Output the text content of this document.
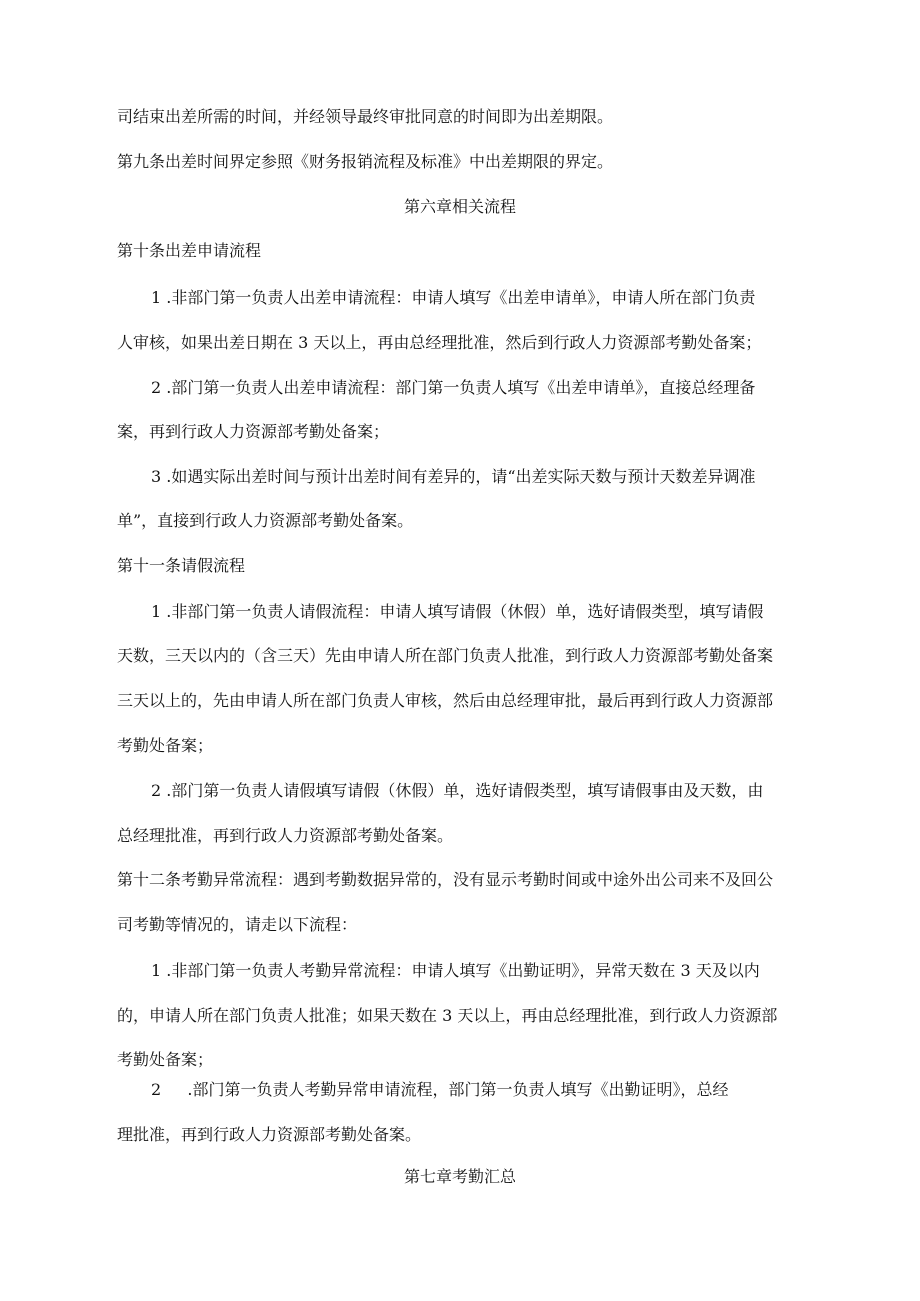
司结束出差所需的时间，并经领导最终审批同意的时间即为出差期限。
第九条出差时间界定参照《财务报销流程及标准》中出差期限的界定。
第六章相关流程
第十条出差申请流程
1 .非部门第一负责人出差申请流程：申请人填写《出差申请单》，申请人所在部门负责
人审核，如果出差日期在 3 天以上，再由总经理批准，然后到行政人力资源部考勤处备案；
2 .部门第一负责人出差申请流程：部门第一负责人填写《出差申请单》，直接总经理备
案，再到行政人力资源部考勤处备案；
3 .如遇实际出差时间与预计出差时间有差异的，请“出差实际天数与预计天数差异调准
单”，直接到行政人力资源部考勤处备案。
第十一条请假流程
1 .非部门第一负责人请假流程：申请人填写请假（休假）单，选好请假类型，填写请假
天数，三天以内的（含三天）先由申请人所在部门负责人批准，到行政人力资源部考勤处备案
三天以上的，先由申请人所在部门负责人审核，然后由总经理审批，最后再到行政人力资源部
考勤处备案；
2 .部门第一负责人请假填写请假（休假）单，选好请假类型，填写请假事由及天数，由
总经理批准，再到行政人力资源部考勤处备案。
第十二条考勤异常流程：遇到考勤数据异常的，没有显示考勤时间或中途外出公司来不及回公
司考勤等情况的，请走以下流程：
1 .非部门第一负责人考勤异常流程：申请人填写《出勤证明》，异常天数在 3 天及以内
的，申请人所在部门负责人批准；如果天数在 3 天以上，再由总经理批准，到行政人力资源部
考勤处备案；
2 　 .部门第一负责人考勤异常申请流程，部门第一负责人填写《出勤证明》，总经
理批准，再到行政人力资源部考勤处备案。
第七章考勤汇总
